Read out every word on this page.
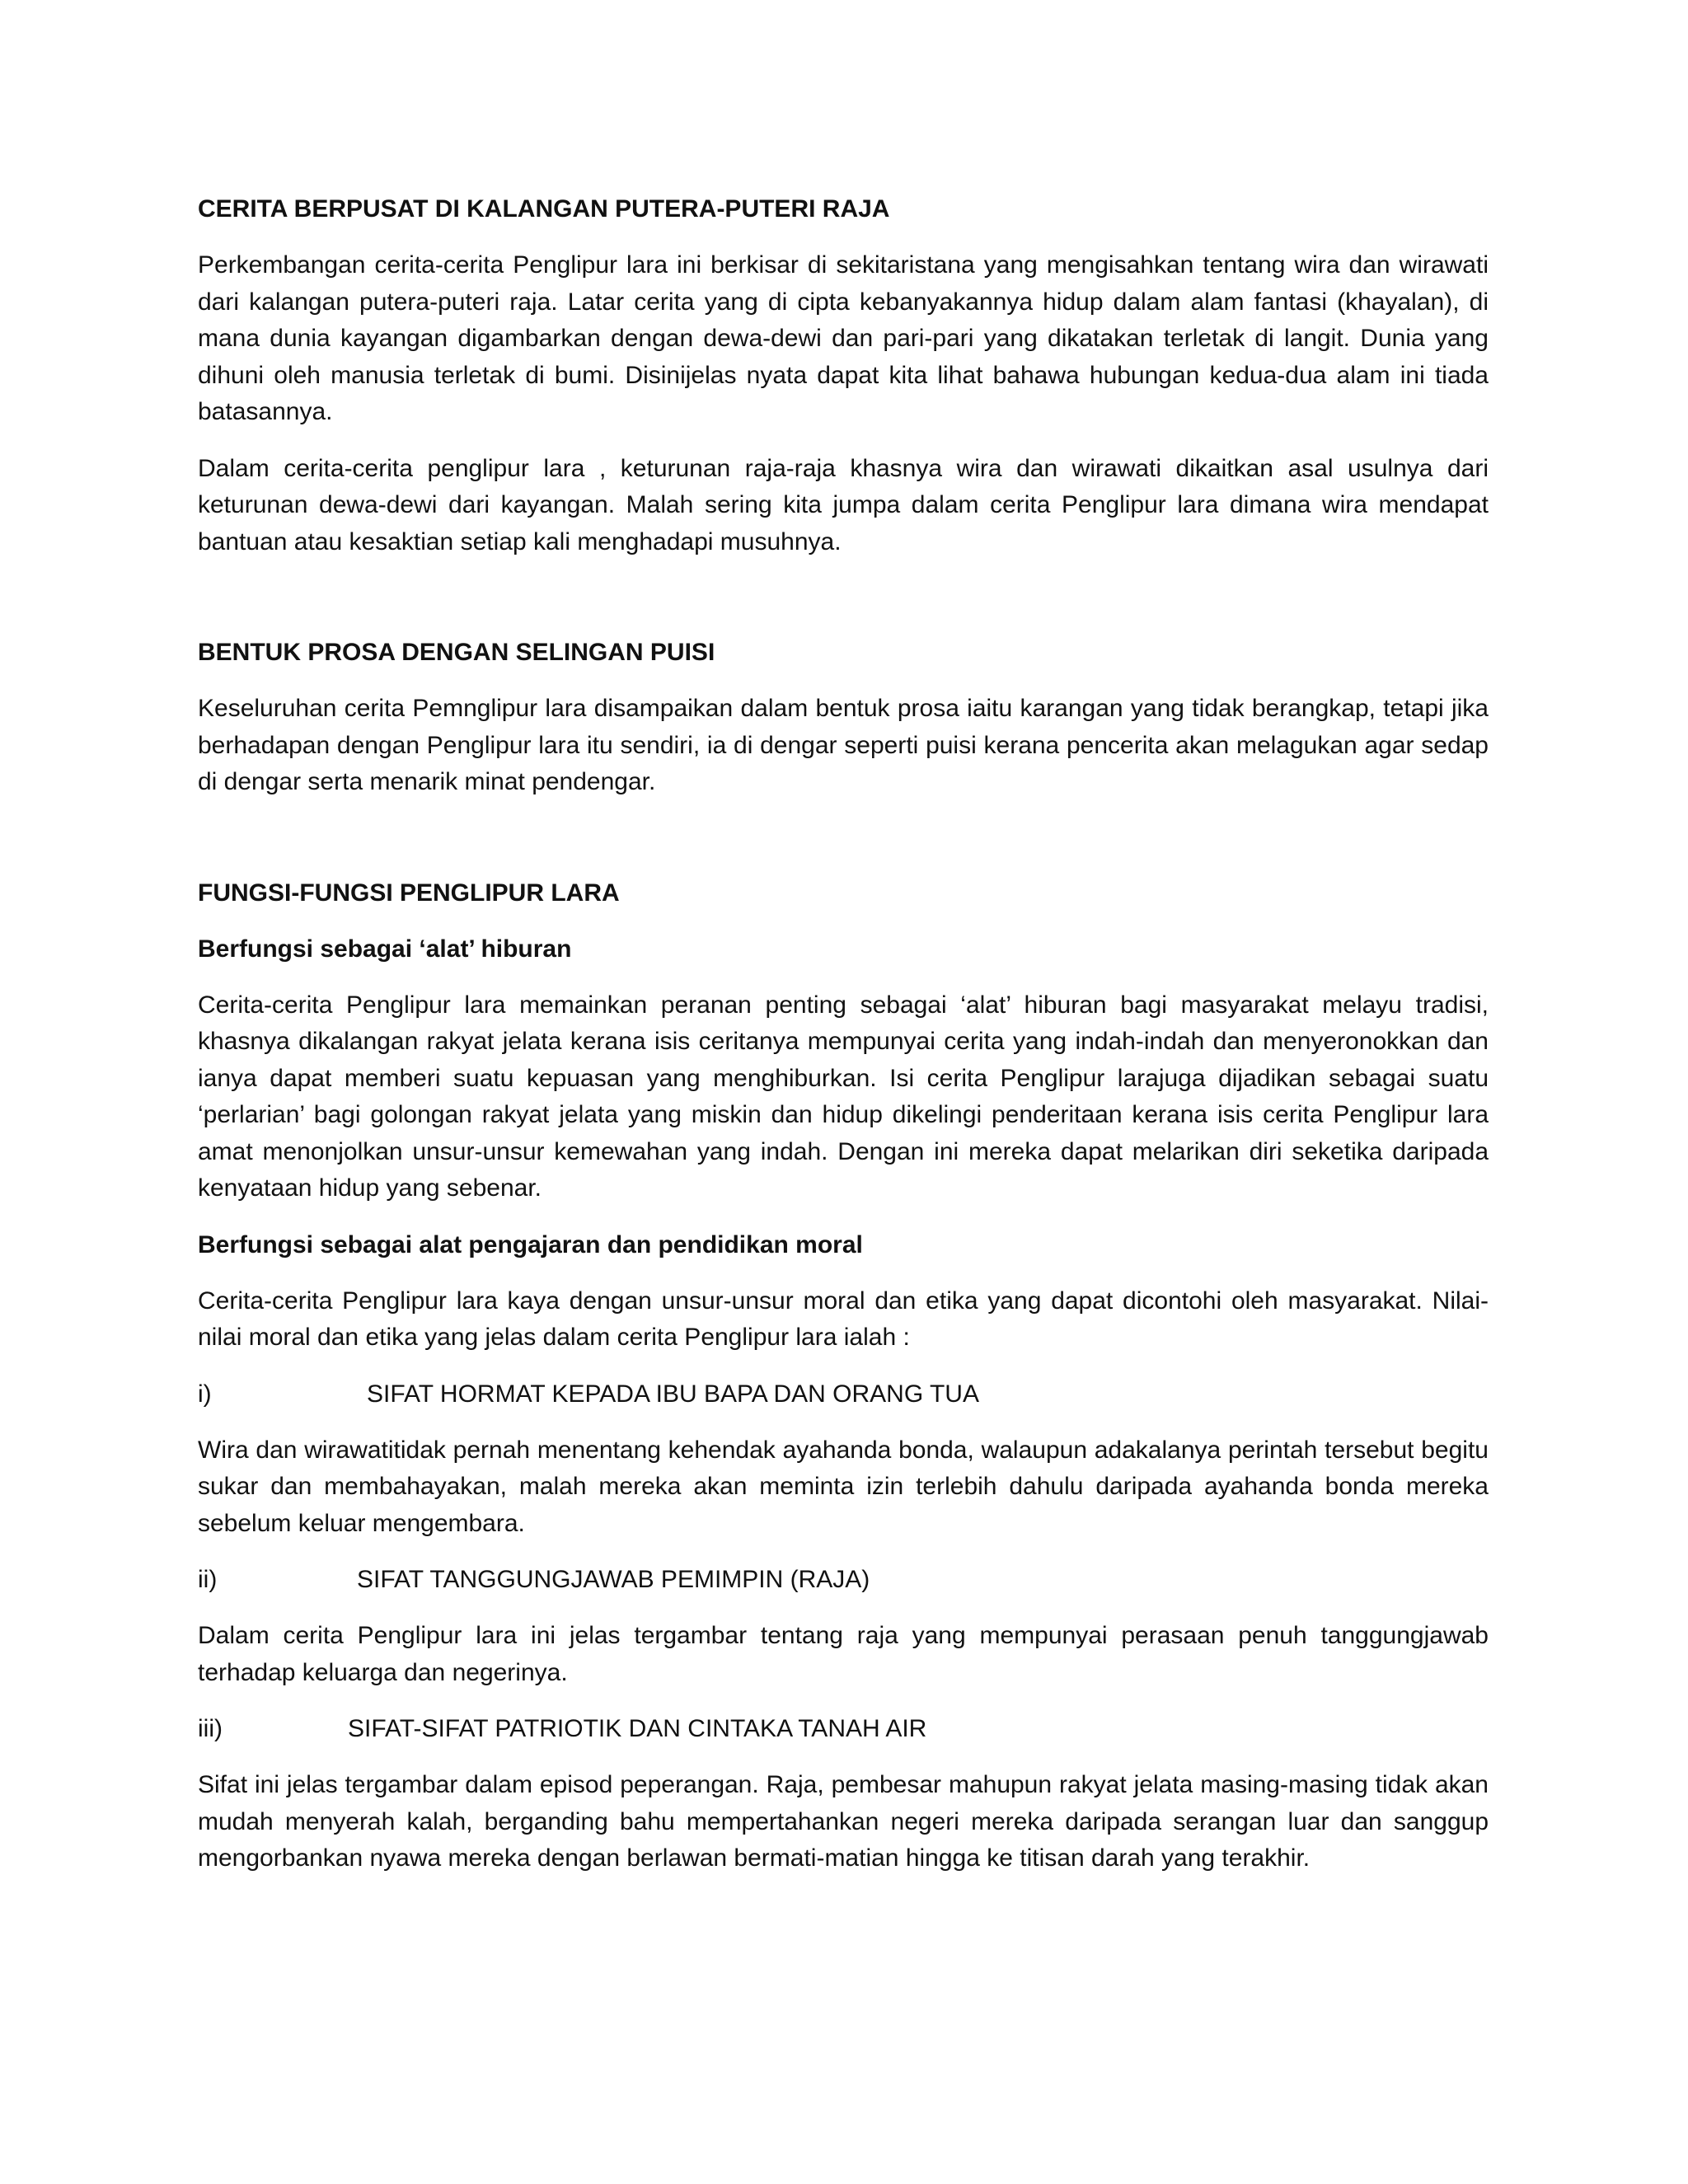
CERITA BERPUSAT DI KALANGAN PUTERA-PUTERI RAJA
Perkembangan cerita-cerita Penglipur lara ini berkisar di sekitaristana yang mengisahkan tentang wira dan wirawati dari kalangan putera-puteri raja. Latar cerita yang di cipta kebanyakannya hidup dalam alam fantasi (khayalan), di mana dunia kayangan digambarkan dengan dewa-dewi dan pari-pari yang dikatakan terletak di langit. Dunia yang dihuni oleh manusia terletak di bumi. Disinijelas nyata dapat kita lihat bahawa hubungan kedua-dua alam ini tiada batasannya.
Dalam cerita-cerita penglipur lara , keturunan raja-raja khasnya wira dan wirawati dikaitkan asal usulnya dari keturunan dewa-dewi dari kayangan. Malah sering kita jumpa dalam cerita Penglipur lara dimana wira mendapat bantuan atau kesaktian setiap kali menghadapi musuhnya.
BENTUK PROSA DENGAN SELINGAN PUISI
Keseluruhan cerita Pemnglipur lara disampaikan dalam bentuk prosa iaitu karangan yang tidak berangkap, tetapi jika berhadapan dengan Penglipur lara itu sendiri, ia di dengar seperti puisi kerana pencerita akan melagukan agar sedap di dengar serta menarik minat pendengar.
FUNGSI-FUNGSI PENGLIPUR LARA
Berfungsi sebagai ‘alat’ hiburan
Cerita-cerita Penglipur lara memainkan peranan penting sebagai ‘alat’ hiburan bagi masyarakat melayu tradisi, khasnya dikalangan rakyat jelata kerana isis ceritanya mempunyai cerita yang indah-indah dan menyeronokkan dan ianya dapat memberi suatu kepuasan yang menghiburkan. Isi cerita Penglipur larajuga dijadikan sebagai suatu ‘perlarian’ bagi golongan rakyat jelata yang miskin dan hidup dikelingi penderitaan kerana isis cerita Penglipur lara amat menonjolkan unsur-unsur kemewahan yang indah. Dengan ini mereka dapat melarikan diri seketika daripada kenyataan hidup yang sebenar.
Berfungsi sebagai alat pengajaran dan pendidikan moral
Cerita-cerita Penglipur lara kaya dengan unsur-unsur moral dan etika yang dapat dicontohi oleh masyarakat. Nilai-nilai moral dan etika yang jelas dalam cerita Penglipur lara ialah :
i)	SIFAT HORMAT KEPADA IBU BAPA DAN ORANG TUA
Wira dan wirawatitidak pernah menentang kehendak ayahanda bonda, walaupun adakalanya perintah tersebut begitu sukar dan membahayakan, malah mereka akan meminta izin terlebih dahulu daripada ayahanda bonda mereka sebelum keluar mengembara.
ii)	SIFAT TANGGUNGJAWAB PEMIMPIN (RAJA)
Dalam cerita Penglipur lara ini jelas tergambar tentang raja yang mempunyai perasaan penuh tanggungjawab terhadap keluarga dan negerinya.
iii)	SIFAT-SIFAT PATRIOTIK DAN CINTAKA TANAH AIR
Sifat ini jelas tergambar dalam episod peperangan. Raja, pembesar mahupun rakyat jelata masing-masing tidak akan mudah menyerah kalah, berganding bahu mempertahankan negeri mereka daripada serangan luar dan sanggup mengorbankan nyawa mereka dengan berlawan bermati-matian hingga ke titisan darah yang terakhir.
